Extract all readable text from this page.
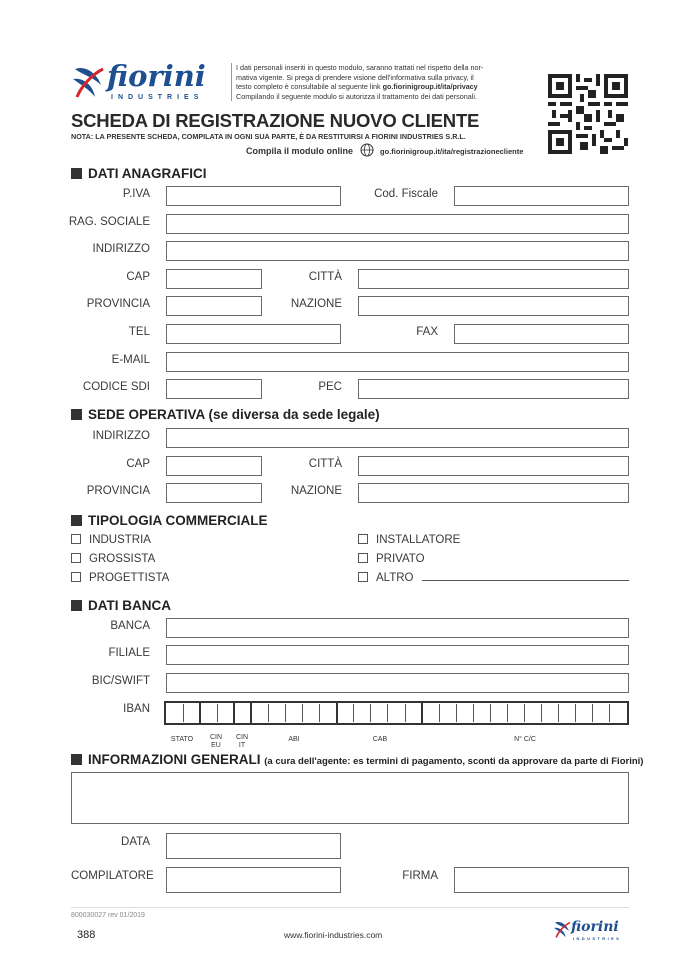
fiorini
INDUSTRIES
I dati personali inseriti in questo modulo, saranno trattati nel rispetto della nor-
mativa vigente. Si prega di prendere visione dell'informativa sulla privacy, il
testo completo è consultabile al seguente link go.fiorinigroup.it/ita/privacy
Compilando il seguente modulo si autorizza il trattamento dei dati personali.
SCHEDA DI REGISTRAZIONE NUOVO CLIENTE
NOTA: LA PRESENTE SCHEDA, COMPILATA IN OGNI SUA PARTE, È DA RESTITUIRSI A FIORINI INDUSTRIES S.R.L.
Compila il modulo online	go.fiorinigroup.it/ita/registrazionecliente
DATI ANAGRAFICI
P.IVA	Cod. Fiscale
RAG. SOCIALE
INDIRIZZO
CAP	CITTÀ
PROVINCIA	NAZIONE
TEL	FAX
E-MAIL
CODICE SDI	PEC
SEDE OPERATIVA (se diversa da sede legale)
INDIRIZZO
CAP	CITTÀ
PROVINCIA	NAZIONE
TIPOLOGIA COMMERCIALE
INDUSTRIA
GROSSISTA
PROGETTISTA
INSTALLATORE
PRIVATO
ALTRO
DATI BANCA
BANCA
FILIALE
BIC/SWIFT
IBAN
STATO	CIN EU
CIN IT
ABI	CAB	N° C/C
INFORMAZIONI GENERALI (a cura dell'agente: es termini di pagamento, sconti da approvare da parte di Fiorini)
DATA
COMPILATORE	FIRMA
800030027 rev 01/2019
388	www.fiorini-industries.com	fiorini
INDUSTRIES
